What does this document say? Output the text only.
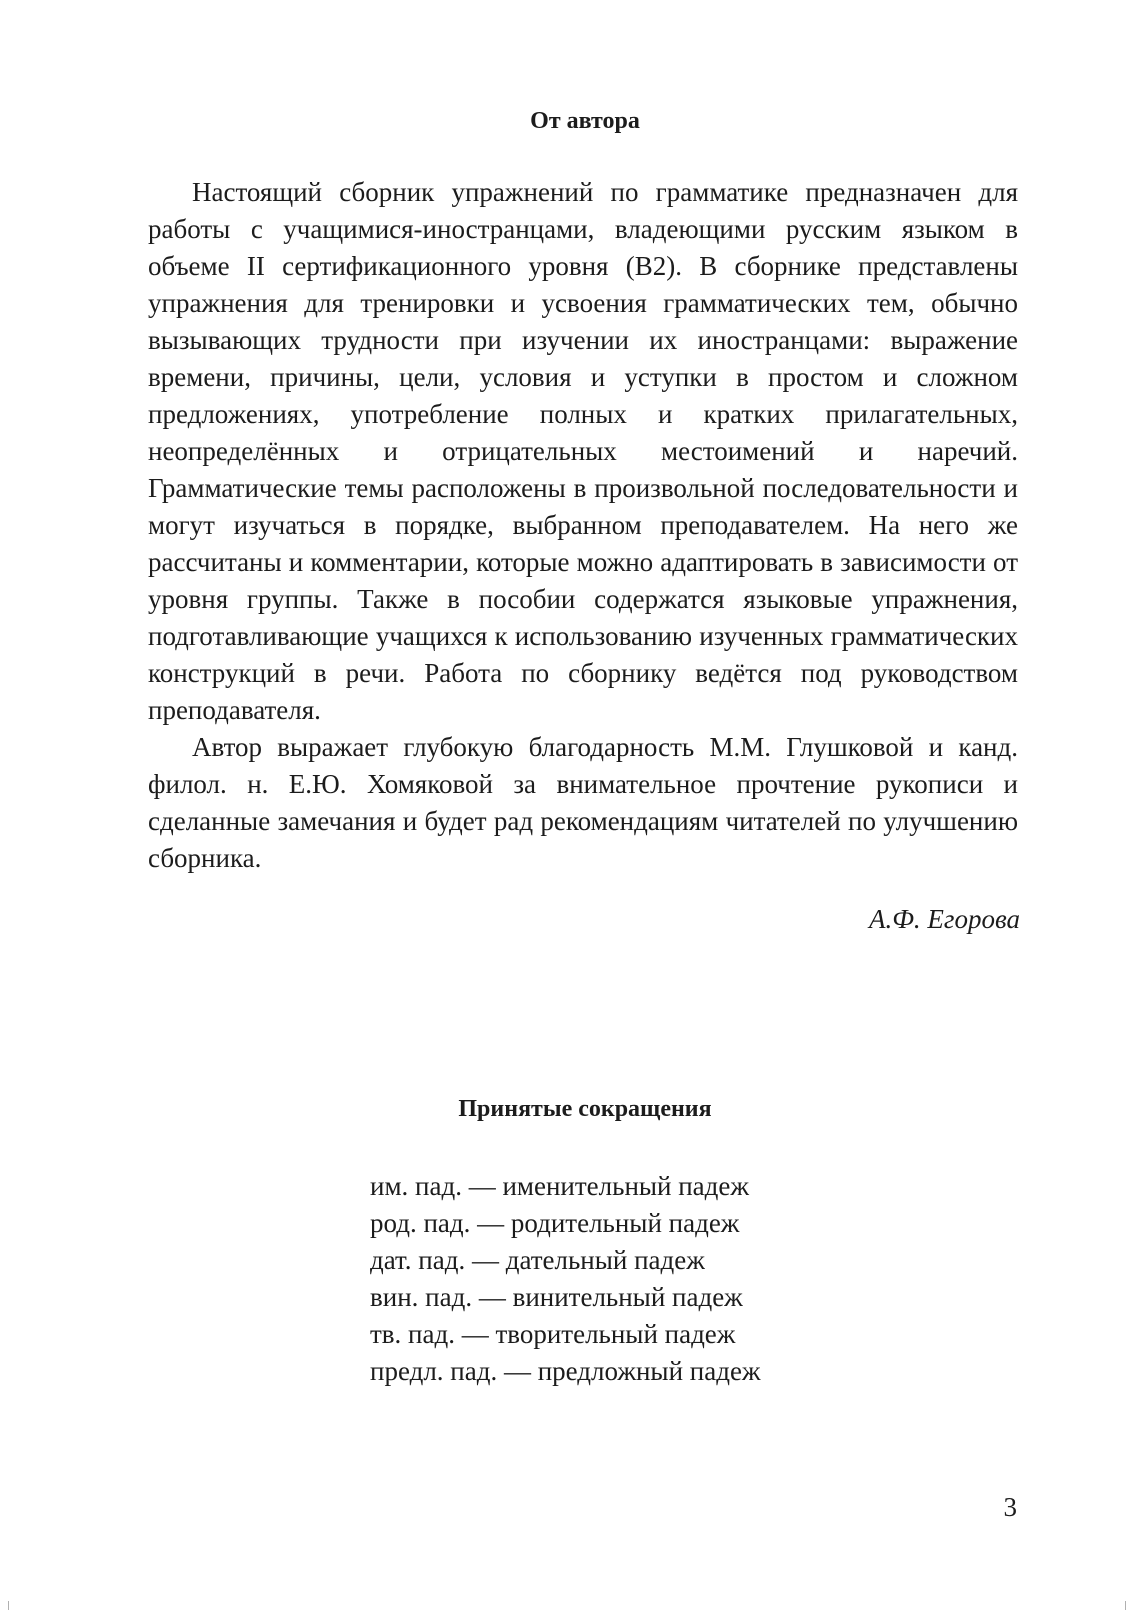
От автора

Настоящий сборник упражнений по грамматике предназначен для работы с учащимися-иностранцами, владеющими русским языком в объеме II сертификационного уровня (B2). В сборнике представлены упражнения для тренировки и усвоения грамматических тем, обычно вызывающих трудности при изучении их иностранцами: выражение времени, причины, цели, условия и уступки в простом и сложном предложениях, употребление полных и кратких прилагательных, неопределённых и отрицательных местоимений и наречий. Грамматические темы расположены в произвольной последовательности и могут изучаться в порядке, выбранном преподавателем. На него же рассчитаны и комментарии, которые можно адаптировать в зависимости от уровня группы. Также в пособии содержатся языковые упражнения, подготавливающие учащихся к использованию изученных грамматических конструкций в речи. Работа по сборнику ведётся под руководством преподавателя.

Автор выражает глубокую благодарность М.М. Глушковой и канд. филол. н. Е.Ю. Хомяковой за внимательное прочтение рукописи и сделанные замечания и будет рад рекомендациям читателей по улучшению сборника.

А.Ф. Егорова

Принятые сокращения
им. пад. — именительный падеж
род. пад. — родительный падеж
дат. пад. — дательный падеж
вин. пад. — винительный падеж
тв. пад. — творительный падеж
предл. пад. — предложный падеж

3
